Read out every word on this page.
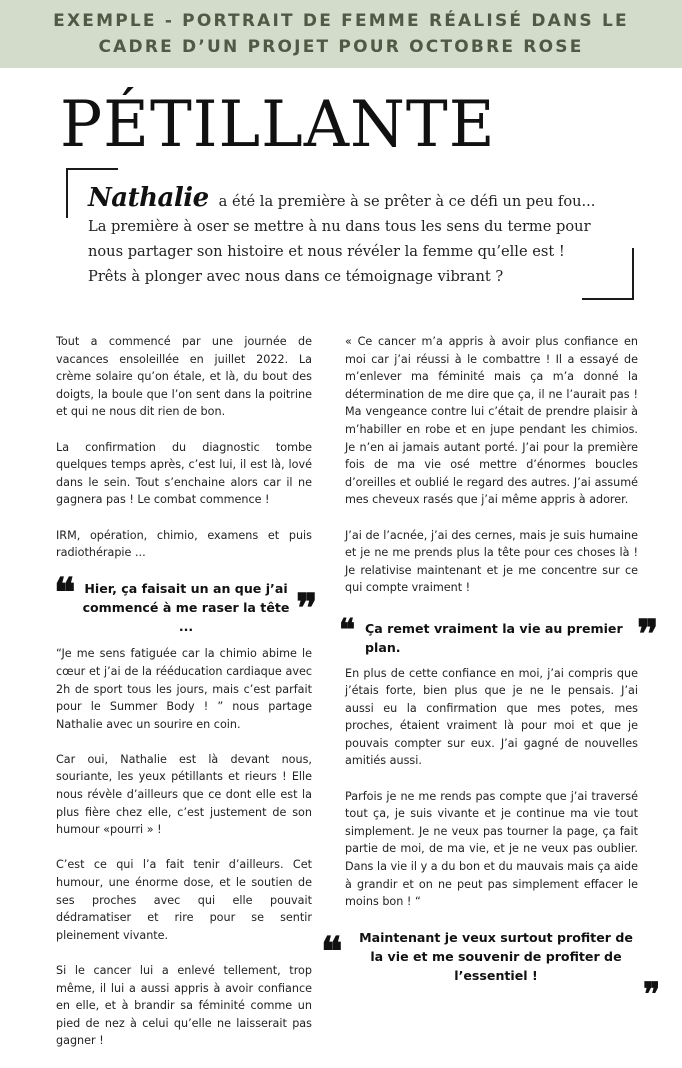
EXEMPLE - PORTRAIT DE FEMME RÉALISÉ DANS LE
CADRE D’UN PROJET POUR OCTOBRE ROSE
PÉTILLANTE
Nathalie a été la première à se prêter à ce défi un peu fou...
La première à oser se mettre à nu dans tous les sens du terme pour
nous partager son histoire et nous révéler la femme qu’elle est !
Prêts à plonger avec nous dans ce témoignage vibrant ?

Tout a commencé par une journée de vacances ensoleillée en juillet 2022. La crème solaire qu’on étale, et là, du bout des doigts, la boule que l’on sent dans la poitrine et qui ne nous dit rien de bon.

La confirmation du diagnostic tombe quelques temps après, c’est lui, il est là, lové dans le sein. Tout s’enchaine alors car il ne gagnera pas ! Le combat commence !

IRM, opération, chimio, examens et puis radiothérapie ...

❝ Hier, ça faisait un an que j’ai commencé à me raser la tête ...	❞

“Je me sens fatiguée car la chimio abime le cœur et j’ai de la rééducation cardiaque avec 2h de sport tous les jours, mais c’est parfait pour le Summer Body ! ” nous partage Nathalie avec un sourire en coin.

Car oui, Nathalie est là devant nous, souriante, les yeux pétillants et rieurs ! Elle nous révèle d’ailleurs que ce dont elle est la plus fière chez elle, c’est justement de son humour «pourri » !

C’est ce qui l’a fait tenir d’ailleurs. Cet humour, une énorme dose, et le soutien de ses proches avec qui elle pouvait dédramatiser et rire pour se sentir pleinement vivante.

Si le cancer lui a enlevé tellement, trop même, il lui a aussi appris à avoir confiance en elle, et à brandir sa féminité comme un pied de nez à celui qu’elle ne laisserait pas gagner !

« Ce cancer m’a appris à avoir plus confiance en moi car j’ai réussi à le combattre ! Il a essayé de m’enlever ma féminité mais ça m’a donné la détermination de me dire que ça, il ne l’aurait pas ! Ma vengeance contre lui c’était de prendre plaisir à m’habiller en robe et en jupe pendant les chimios. Je n’en ai jamais autant porté. J’ai pour la première fois de ma vie osé mettre d’énormes boucles d’oreilles et oublié le regard des autres. J’ai assumé mes cheveux rasés que j’ai même appris à adorer.

J’ai de l’acnée, j’ai des cernes, mais je suis humaine et je ne me prends plus la tête pour ces choses là ! Je relativise maintenant et je me concentre sur ce qui compte vraiment !

❝ Ça remet vraiment la vie au premier plan.	❞

En plus de cette confiance en moi, j’ai compris que j’étais forte, bien plus que je ne le pensais. J’ai aussi eu la confirmation que mes potes, mes proches, étaient vraiment là pour moi et que je pouvais compter sur eux. J’ai gagné de nouvelles amitiés aussi.

Parfois je ne me rends pas compte que j’ai traversé tout ça, je suis vivante et je continue ma vie tout simplement. Je ne veux pas tourner la page, ça fait partie de moi, de ma vie, et je ne veux pas oublier. Dans la vie il y a du bon et du mauvais mais ça aide à grandir et on ne peut pas simplement effacer le moins bon ! “

❝	Maintenant je veux surtout profiter de la vie et me souvenir de profiter de l’essentiel !	❞
